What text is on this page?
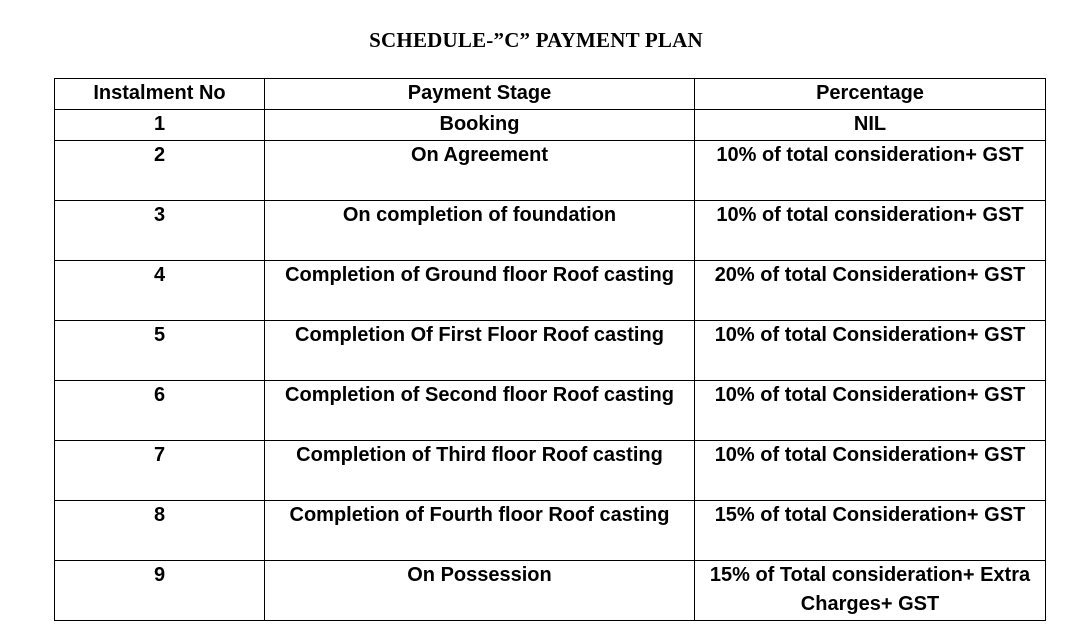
SCHEDULE-”C” PAYMENT PLAN
Instalment No	Payment Stage	Percentage
1	Booking	NIL
2	On Agreement	10% of total consideration+ GST

3	On completion of foundation	10% of total consideration+ GST

4	Completion of Ground floor Roof casting	20% of total Consideration+ GST

5	Completion Of First Floor Roof casting	10% of total Consideration+ GST

6	Completion of Second floor Roof casting	10% of total Consideration+ GST

7	Completion of Third floor Roof casting	10% of total Consideration+ GST

8	Completion of Fourth floor Roof casting	15% of total Consideration+ GST

9	On Possession	15% of Total consideration+ Extra Charges+ GST
